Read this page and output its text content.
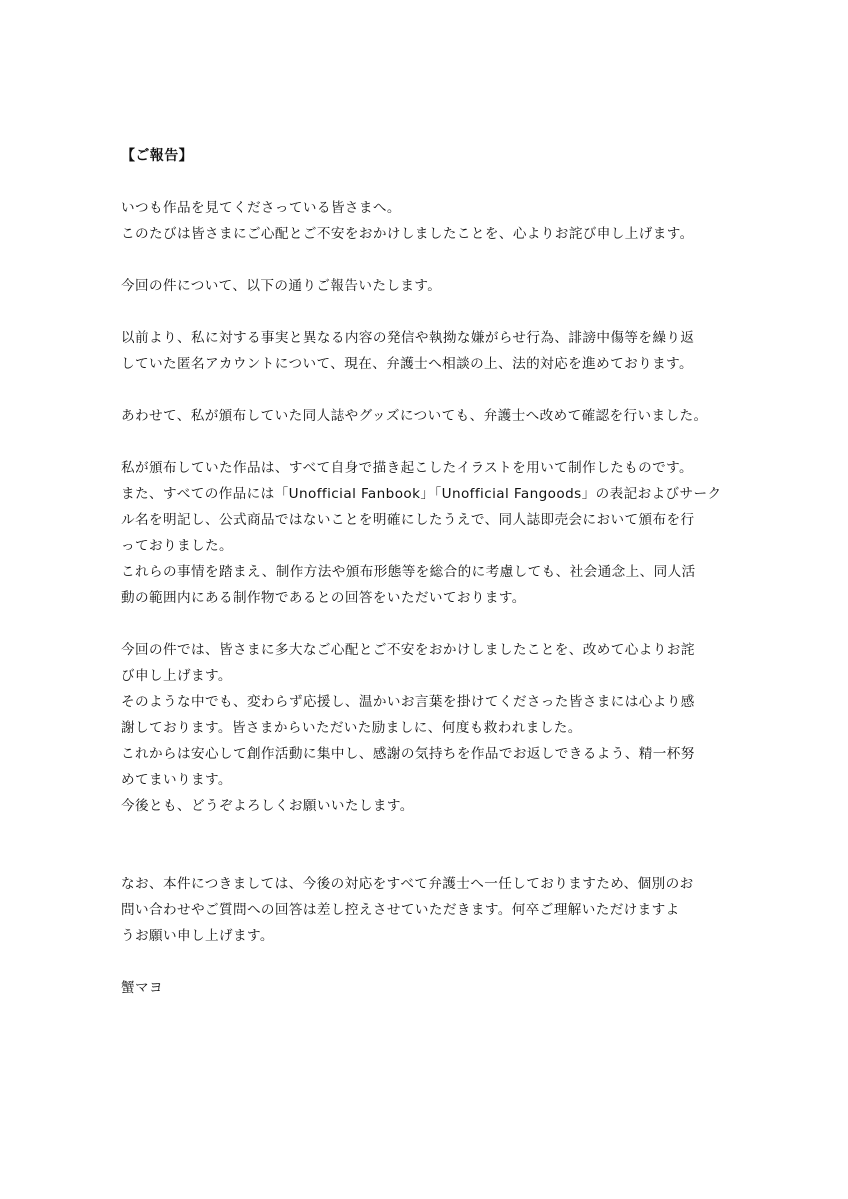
【ご報告】
いつも作品を見てくださっている皆さまへ。
このたびは皆さまにご心配とご不安をおかけしましたことを、心よりお詫び申し上げます。
今回の件について、以下の通りご報告いたします。
以前より、私に対する事実と異なる内容の発信や執拗な嫌がらせ行為、誹謗中傷等を繰り返
していた匿名アカウントについて、現在、弁護士へ相談の上、法的対応を進めております。
あわせて、私が頒布していた同人誌やグッズについても、弁護士へ改めて確認を行いました。
私が頒布していた作品は、すべて自身で描き起こしたイラストを用いて制作したものです。
また、すべての作品には「Unofficial Fanbook」「Unofficial Fangoods」の表記およびサーク
ル名を明記し、公式商品ではないことを明確にしたうえで、同人誌即売会において頒布を行
っておりました。
これらの事情を踏まえ、制作方法や頒布形態等を総合的に考慮しても、社会通念上、同人活
動の範囲内にある制作物であるとの回答をいただいております。
今回の件では、皆さまに多大なご心配とご不安をおかけしましたことを、改めて心よりお詫
び申し上げます。
そのような中でも、変わらず応援し、温かいお言葉を掛けてくださった皆さまには心より感
謝しております。皆さまからいただいた励ましに、何度も救われました。
これからは安心して創作活動に集中し、感謝の気持ちを作品でお返しできるよう、精一杯努
めてまいります。
今後とも、どうぞよろしくお願いいたします。
なお、本件につきましては、今後の対応をすべて弁護士へ一任しておりますため、個別のお
問い合わせやご質問への回答は差し控えさせていただきます。何卒ご理解いただけますよ
うお願い申し上げます。
蟹マヨ
